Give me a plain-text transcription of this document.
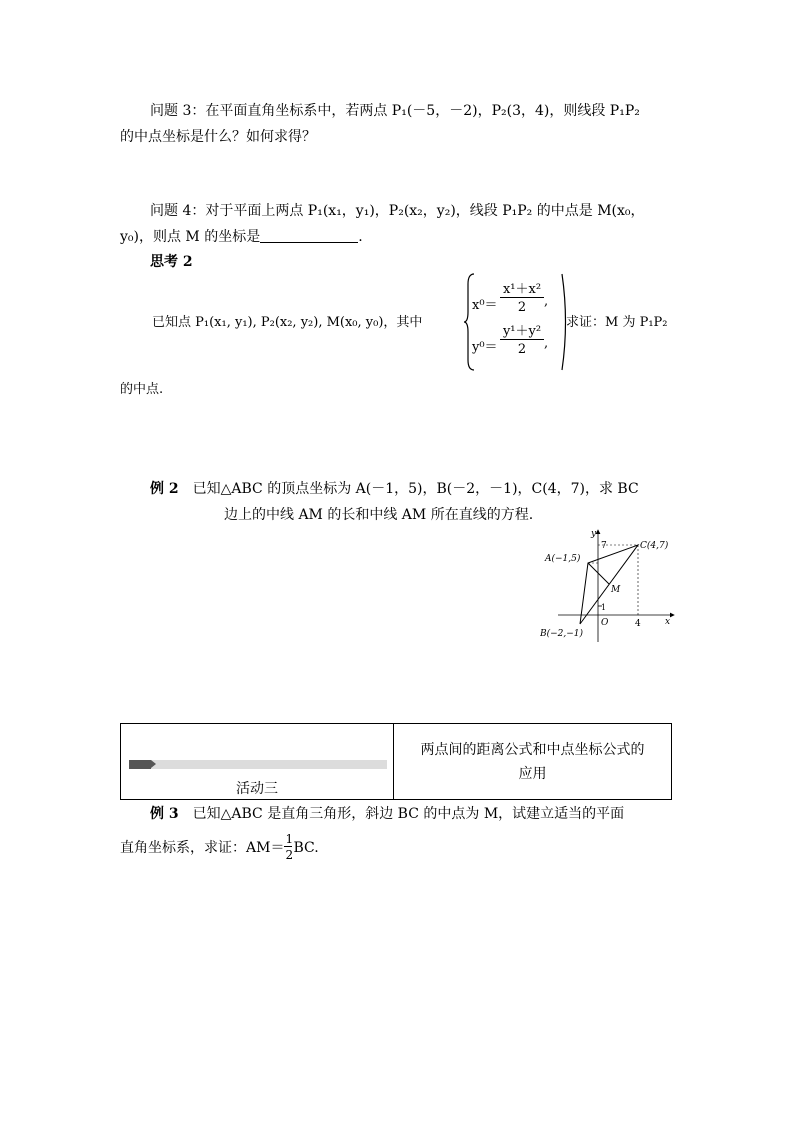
问题 3：在平面直角坐标系中，若两点 P₁(－5，－2)，P₂(3，4)，则线段 P₁P₂
的中点坐标是什么？如何求得？
问题 4：对于平面上两点 P₁(x₁，y₁)，P₂(x₂，y₂)，线段 P₁P₂ 的中点是 M(x₀，
y₀)，则点 M 的坐标是	.
思考 2
已知点 P₁(x₁, y₁), P₂(x₂, y₂), M(x₀, y₀)，其中
x⁰＝
x¹＋x²
2	,
y⁰＝
y¹＋y²
2	,
求证：M 为 P₁P₂
的中点.
例 2 已知△ABC 的顶点坐标为 A(－1，5)，B(－2，－1)，C(4，7)，求 BC
边上的中线 AM 的长和中线 AM 所在直线的方程.
A(−1,5)
B(−2,−1)
C(4,7)
M
O	x
y
7
1
4
活动三
两点间的距离公式和中点坐标公式的
应用
例 3 已知△ABC 是直角三角形，斜边 BC 的中点为 M，试建立适当的平面
直角坐标系，求证：$AM= \frac{1}{2}$ BC.
